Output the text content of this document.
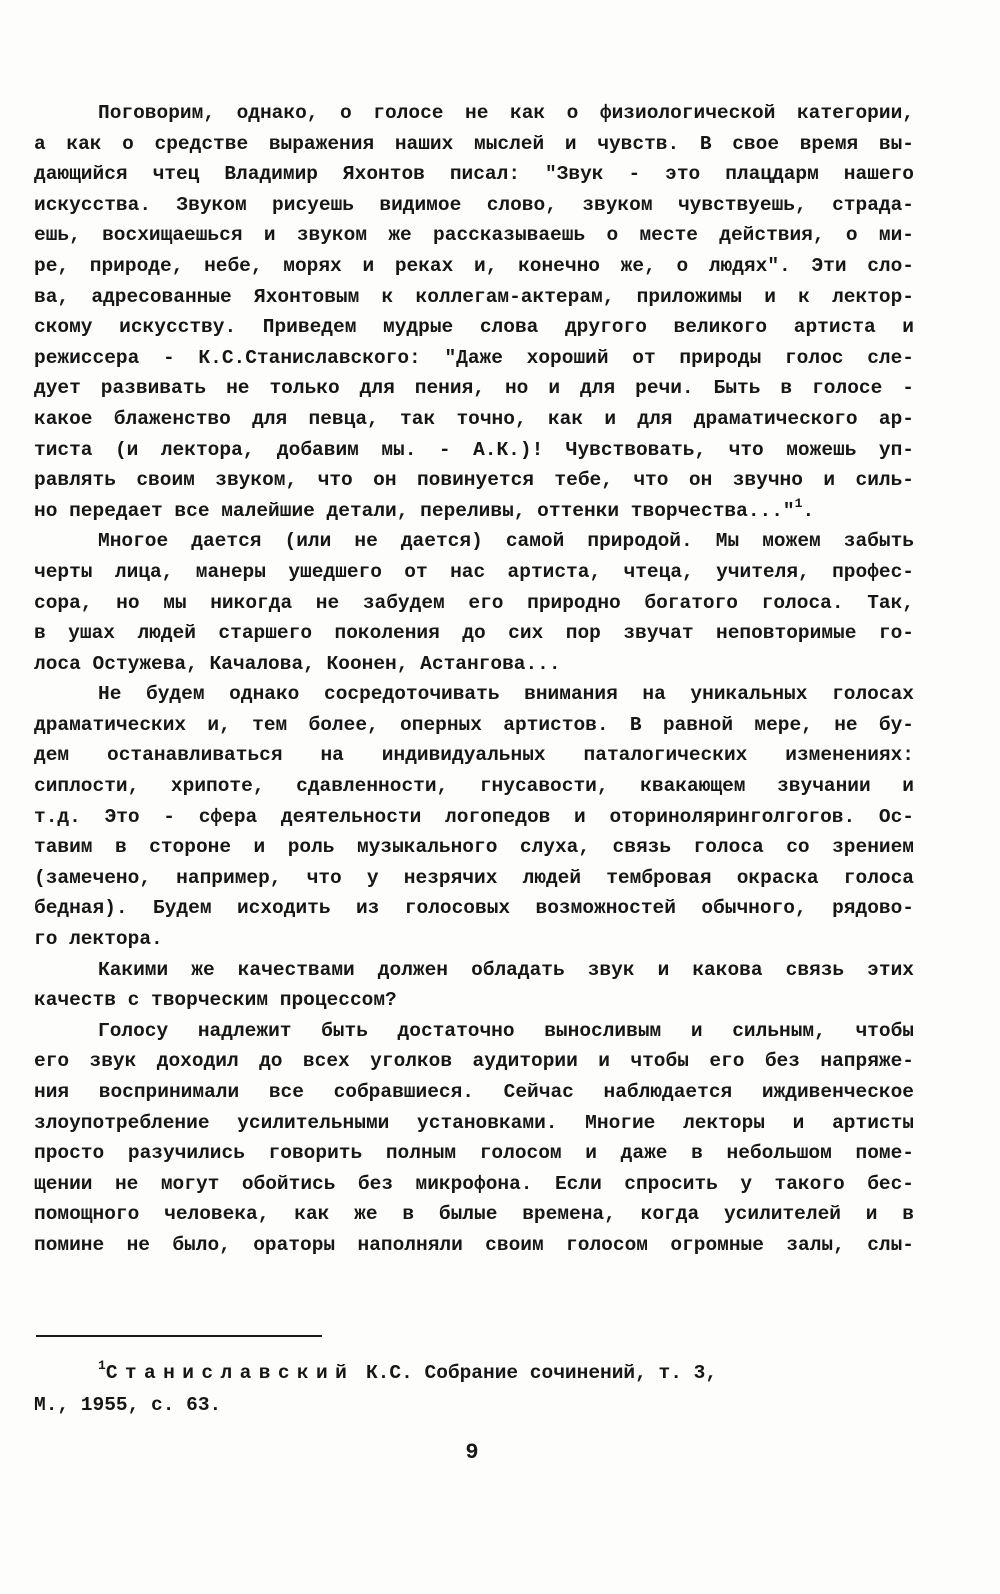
Поговорим, однако, о голосе не как о физиологической категории,
а как о средстве выражения наших мыслей и чувств. В свое время вы-
дающийся чтец Владимир Яхонтов писал: "Звук - это плацдарм нашего
искусства. Звуком рисуешь видимое слово, звуком чувствуешь, страда-
ешь, восхищаешься и звуком же рассказываешь о месте действия, о ми-
ре, природе, небе, морях и реках и, конечно же, о людях". Эти сло-
ва, адресованные Яхонтовым к коллегам-актерам, приложимы и к лектор-
скому искусству. Приведем мудрые слова другого великого артиста и
режиссера - К.С.Станиславского: "Даже хороший от природы голос сле-
дует развивать не только для пения, но и для речи. Быть в голосе -
какое блаженство для певца, так точно, как и для драматического ар-
тиста (и лектора, добавим мы. - А.К.)! Чувствовать, что можешь уп-
равлять своим звуком, что он повинуется тебе, что он звучно и силь-
но передает все малейшие детали, переливы, оттенки творчества..."$^1$.
Многое дается (или не дается) самой природой. Мы можем забыть
черты лица, манеры ушедшего от нас артиста, чтеца, учителя, профес-
сора, но мы никогда не забудем его природно богатого голоса. Так,
в ушах людей старшего поколения до сих пор звучат неповторимые го-
лоса Остужева, Качалова, Коонен, Астангова...
Не будем однако сосредоточивать внимания на уникальных голосах
драматических и, тем более, оперных артистов. В равной мере, не бу-
дем останавливаться на индивидуальных паталогических изменениях:
сиплости, хрипоте, сдавленности, гнусавости, квакающем звучании и
т.д. Это - сфера деятельности логопедов и оториноляринголгогов. Ос-
тавим в стороне и роль музыкального слуха, связь голоса со зрением
(замечено, например, что у незрячих людей тембровая окраска голоса
бедная). Будем исходить из голосовых возможностей обычного, рядово-
го лектора.
Какими же качествами должен обладать звук и какова связь этих
качеств с творческим процессом?
Голосу надлежит быть достаточно выносливым и сильным, чтобы
его звук доходил до всех уголков аудитории и чтобы его без напряже-
ния воспринимали все собравшиеся. Сейчас наблюдается иждивенческое
злоупотребление усилительными установками. Многие лекторы и артисты
просто разучились говорить полным голосом и даже в небольшом поме-
щении не могут обойтись без микрофона. Если спросить у такого бес-
помощного человека, как же в былые времена, когда усилителей и в
помине не было, ораторы наполняли своим голосом огромные залы, слы-
$^1$Станиславский К.С. Собрание сочинений, т. 3,
М., 1955, с. 63.
9
